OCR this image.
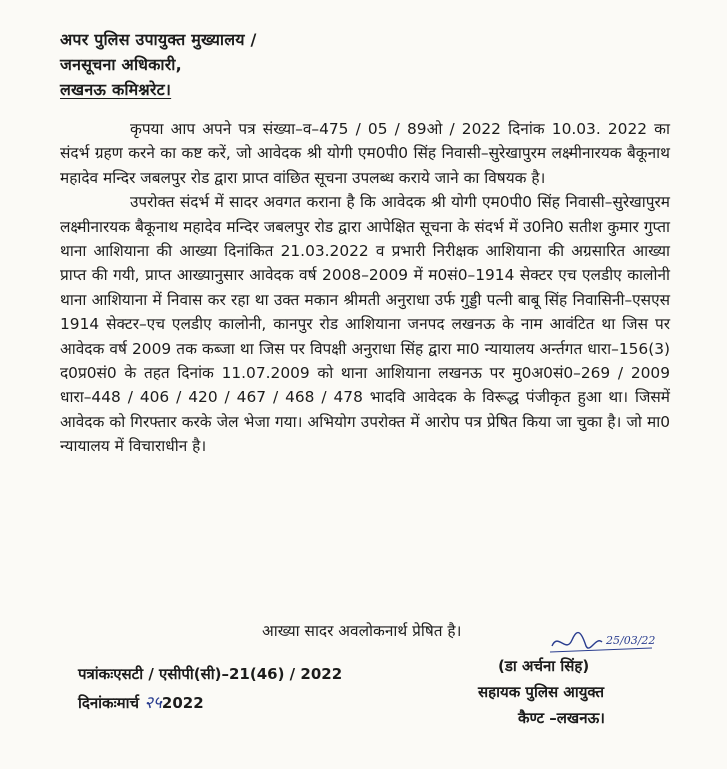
अपर पुलिस उपायुक्त मुख्यालय /
जनसूचना अधिकारी,
लखनऊ कमिश्नरेट।

कृपया आप अपने पत्र संख्या–व–475 / 05 / 89ओ / 2022 दिनांक 10.03. 2022 का संदर्भ ग्रहण करने का कष्ट करें, जो आवेदक श्री योगी एम0पी0 सिंह निवासी–सुरेखापुरम लक्ष्मीनारयक बैकूनाथ महादेव मन्दिर जबलपुर रोड द्वारा प्राप्त वांछित सूचना उपलब्ध कराये जाने का विषयक है।

उपरोक्त संदर्भ में सादर अवगत कराना है कि आवेदक श्री योगी एम0पी0 सिंह निवासी–सुरेखापुरम लक्ष्मीनारयक बैकूनाथ महादेव मन्दिर जबलपुर रोड द्वारा आपेक्षित सूचना के संदर्भ में उ0नि0 सतीश कुमार गुप्ता थाना आशियाना की आख्या दिनांकित 21.03.2022 व प्रभारी निरीक्षक आशियाना की अग्रसारित आख्या प्राप्त की गयी, प्राप्त आख्यानुसार आवेदक वर्ष 2008–2009 में म0सं0–1914 सेक्टर एच एलडीए कालोनी थाना आशियाना में निवास कर रहा था उक्त मकान श्रीमती अनुराधा उर्फ गुड्डी पत्नी बाबू सिंह निवासिनी–एसएस 1914 सेक्टर–एच एलडीए कालोनी, कानपुर रोड आशियाना जनपद लखनऊ के नाम आवंटित था जिस पर आवेदक वर्ष 2009 तक कब्जा था जिस पर विपक्षी अनुराधा सिंह द्वारा मा0 न्यायालय अर्न्तगत धारा–156(3) द0प्र0सं0 के तहत दिनांक 11.07.2009 को थाना आशियाना लखनऊ पर मु0अ0सं0–269 / 2009 धारा–448 / 406 / 420 / 467 / 468 / 478 भादवि आवेदक के विरूद्ध पंजीकृत हुआ था। जिसमें आवेदक को गिरफ्तार करके जेल भेजा गया। अभियोग उपरोक्त में आरोप पत्र प्रेषित किया जा चुका है। जो मा0 न्यायालय में विचाराधीन है।

आख्या सादर अवलोकनार्थ प्रेषित है।
25/03/22
पत्रांकःएसटी / एसीपी(सी)–21(46) / 2022
दिनांकःमार्च २५2022
(डा अर्चना सिंह)
सहायक पुलिस आयुक्त
कैण्ट –लखनऊ।
